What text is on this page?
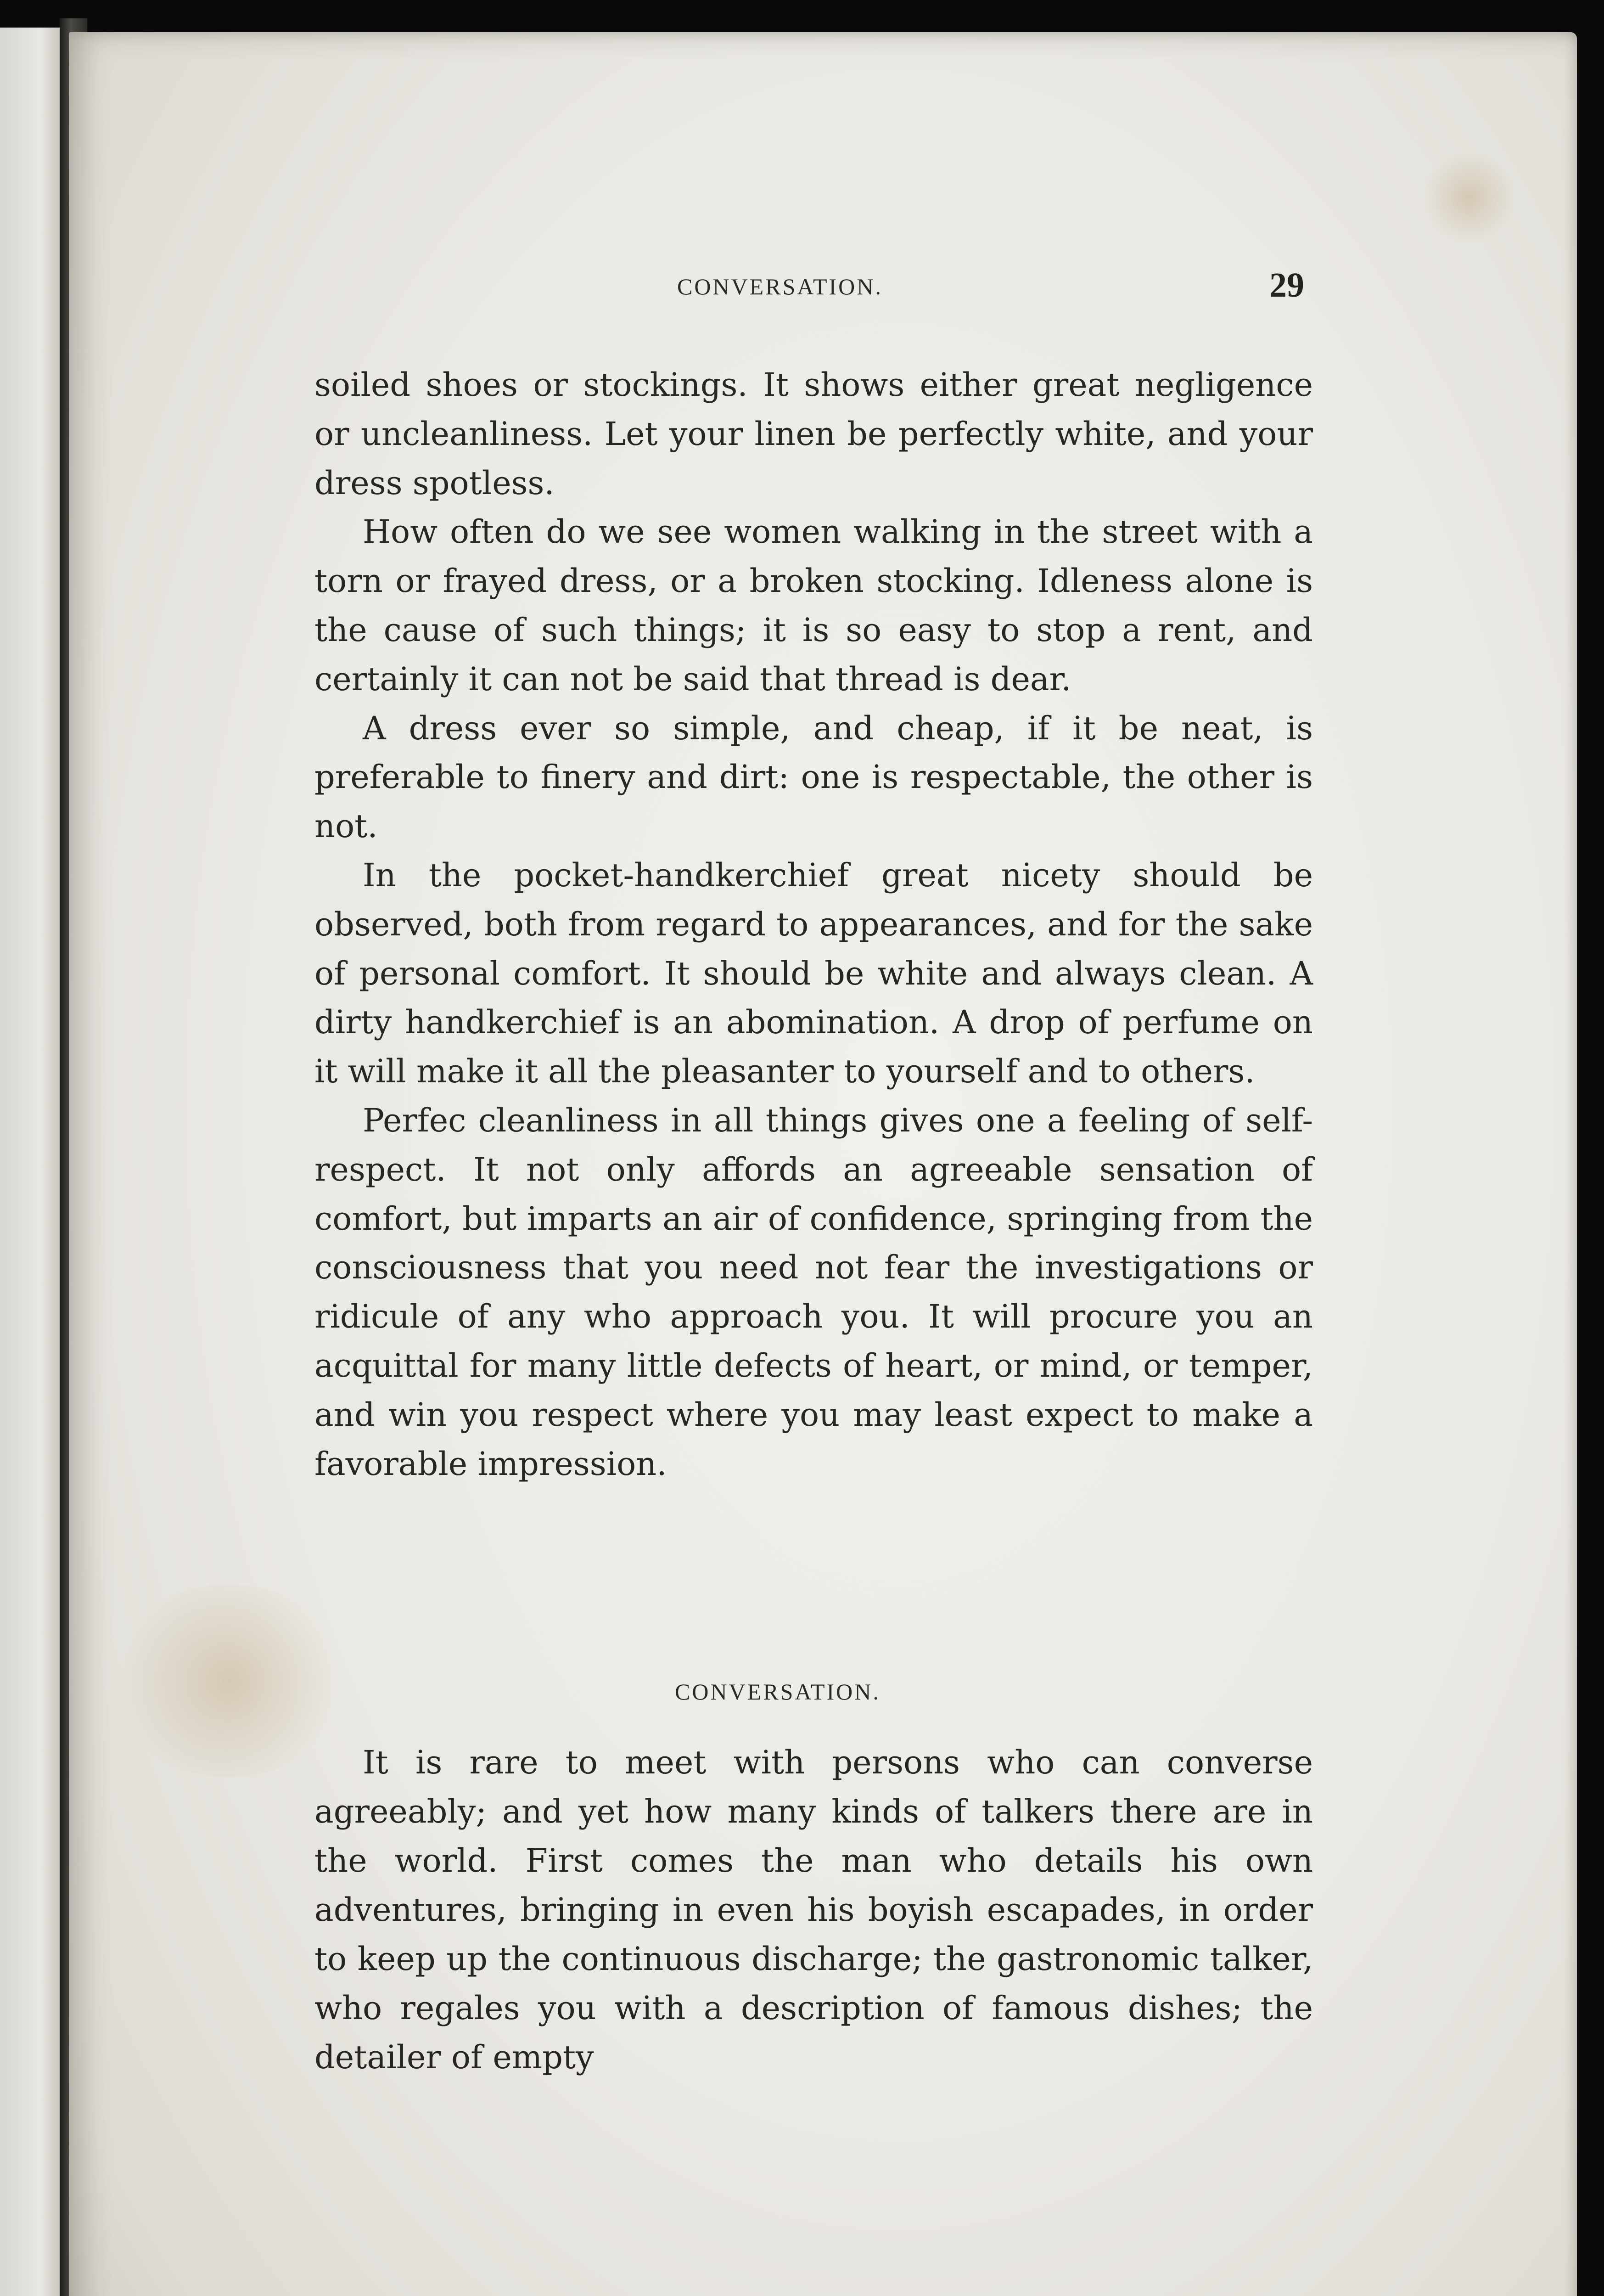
CONVERSATION.	29

soiled shoes or stockings. It shows either great negligence or uncleanliness. Let your linen be perfectly white, and your dress spotless.

How often do we see women walking in the street with a torn or frayed dress, or a broken stocking. Idleness alone is the cause of such things; it is so easy to stop a rent, and certainly it can not be said that thread is dear.

A dress ever so simple, and cheap, if it be neat, is preferable to finery and dirt: one is respectable, the other is not.

In the pocket-handkerchief great nicety should be observed, both from regard to appearances, and for the sake of personal comfort. It should be white and always clean. A dirty handkerchief is an abomination. A drop of perfume on it will make it all the pleasanter to yourself and to others.

Perfec cleanliness in all things gives one a feeling of self-respect. It not only affords an agreeable sensation of comfort, but imparts an air of confidence, springing from the consciousness that you need not fear the investigations or ridicule of any who approach you. It will procure you an acquittal for many little defects of heart, or mind, or temper, and win you respect where you may least expect to make a favorable impression.

CONVERSATION.

It is rare to meet with persons who can converse agreeably; and yet how many kinds of talkers there are in the world. First comes the man who details his own adventures, bringing in even his boyish escapades, in order to keep up the continuous discharge; the gastronomic talker, who regales you with a description of famous dishes; the detailer of empty
